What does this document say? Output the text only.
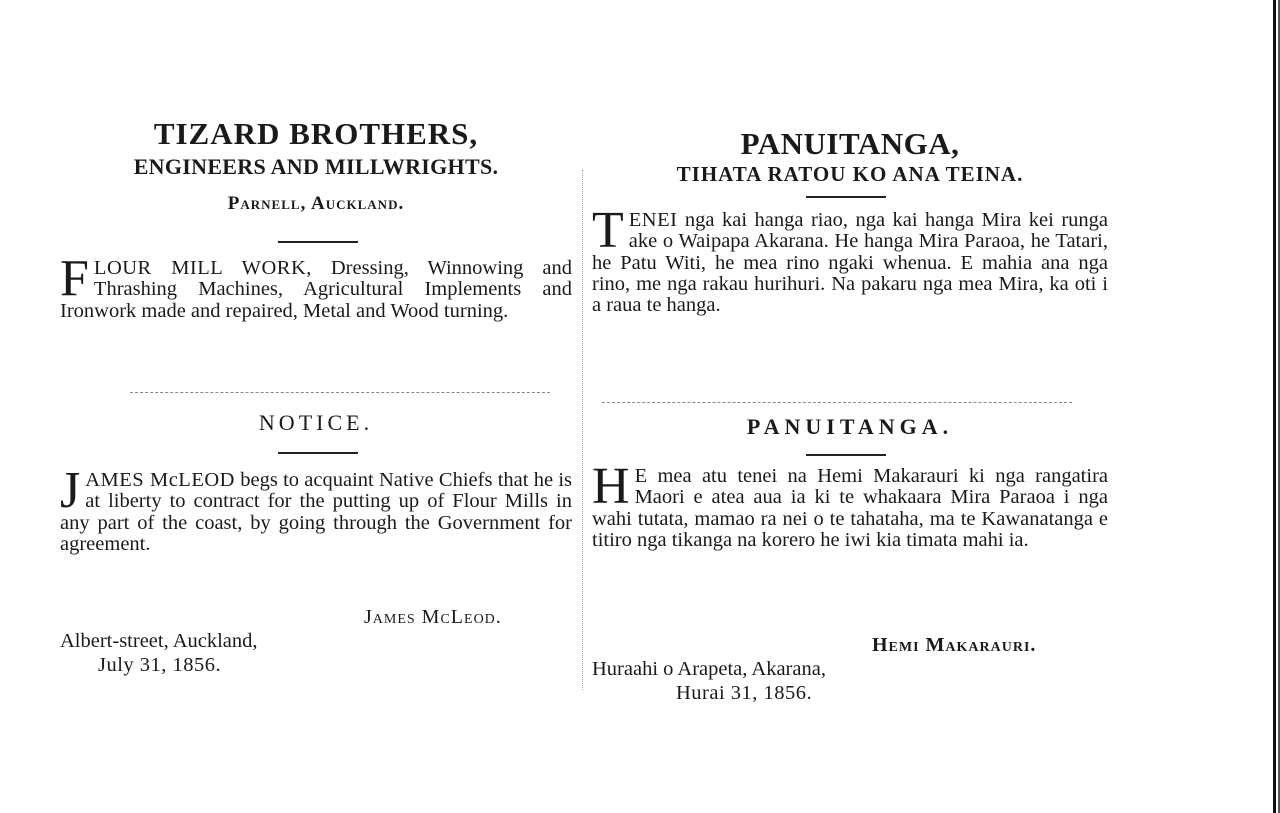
TIZARD BROTHERS,
ENGINEERS AND MILLWRIGHTS.
Parnell, Auckland.
FLOUR MILL WORK, Dressing, Winnowing and Thrashing Machines, Agricultural Implements and Ironwork made and repaired, Metal and Wood turning.
NOTICE.
JAMES McLEOD begs to acquaint Native Chiefs that he is at liberty to contract for the putting up of Flour Mills in any part of the coast, by going through the Government for agreement.
James McLeod.
Albert-street, Auckland,
July 31, 1856.
PANUITANGA,
TIHATA RATOU KO ANA TEINA.
TENEI nga kai hanga riao, nga kai hanga Mira kei runga ake o Waipapa Akarana. He hanga Mira Paraoa, he Tatari, he Patu Witi, he mea rino ngaki whenua. E mahia ana nga rino, me nga rakau hurihuri. Na pakaru nga mea Mira, ka oti i a raua te hanga.
PANUITANGA.
H E mea atu tenei na Hemi Makarauri ki nga rangatira Maori e atea aua ia ki te whakaara Mira Paraoa i nga wahi tutata, mamao ra nei o te tahataha, ma te Kawanatanga e titiro nga tikanga na korero he iwi kia timata mahi ia.
Hemi Makarauri.
Huraahi o Arapeta, Akarana,
Hurai 31, 1856.
